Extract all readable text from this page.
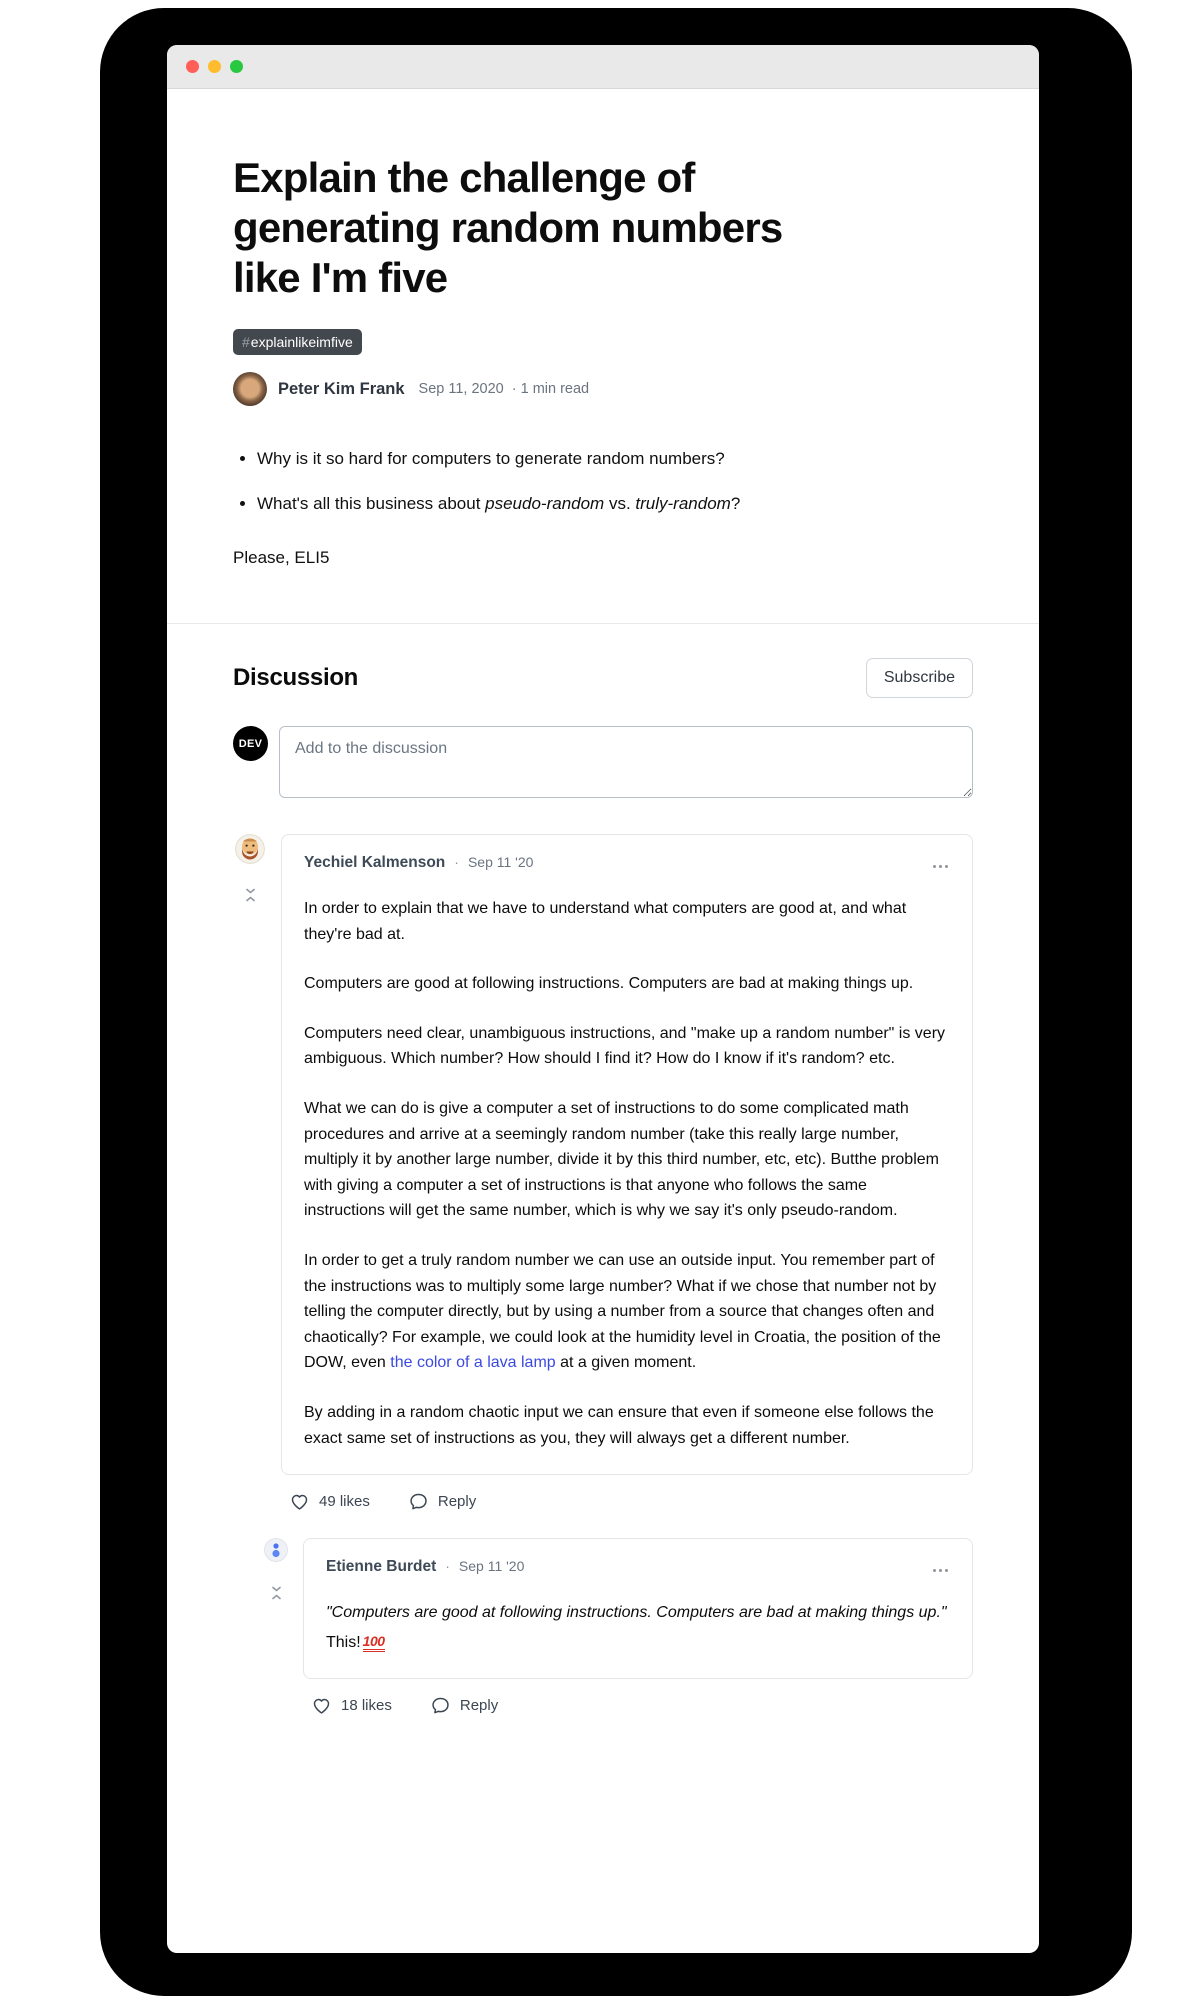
Explain the challenge of generating random numbers like I'm five
#explainlikeimfive
Peter Kim Frank Sep 11, 2020 · 1 min read
• Why is it so hard for computers to generate random numbers?
• What's all this business about pseudo-random vs. truly-random?

Please, ELI5

Discussion	Subscribe
DEV
Add to the discussion
Yechiel Kalmenson · Sep 11 '20

In order to explain that we have to understand what computers are good at, and what they're bad at.

Computers are good at following instructions. Computers are bad at making things up.

Computers need clear, unambiguous instructions, and "make up a random number" is very ambiguous. Which number? How should I find it? How do I know if it's random? etc.

What we can do is give a computer a set of instructions to do some complicated math procedures and arrive at a seemingly random number (take this really large number, multiply it by another large number, divide it by this third number, etc, etc). Butthe problem with giving a computer a set of instructions is that anyone who follows the same instructions will get the same number, which is why we say it's only pseudo-random.

In order to get a truly random number we can use an outside input. You remember part of the instructions was to multiply some large number? What if we chose that number not by telling the computer directly, but by using a number from a source that changes often and chaotically? For example, we could look at the humidity level in Croatia, the position of the DOW, even the color of a lava lamp at a given moment.

By adding in a random chaotic input we can ensure that even if someone else follows the exact same set of instructions as you, they will always get a different number.

49 likes	Reply
Etienne Burdet · Sep 11 '20

"Computers are good at following instructions. Computers are bad at making things up."

This! 100

18 likes	Reply
